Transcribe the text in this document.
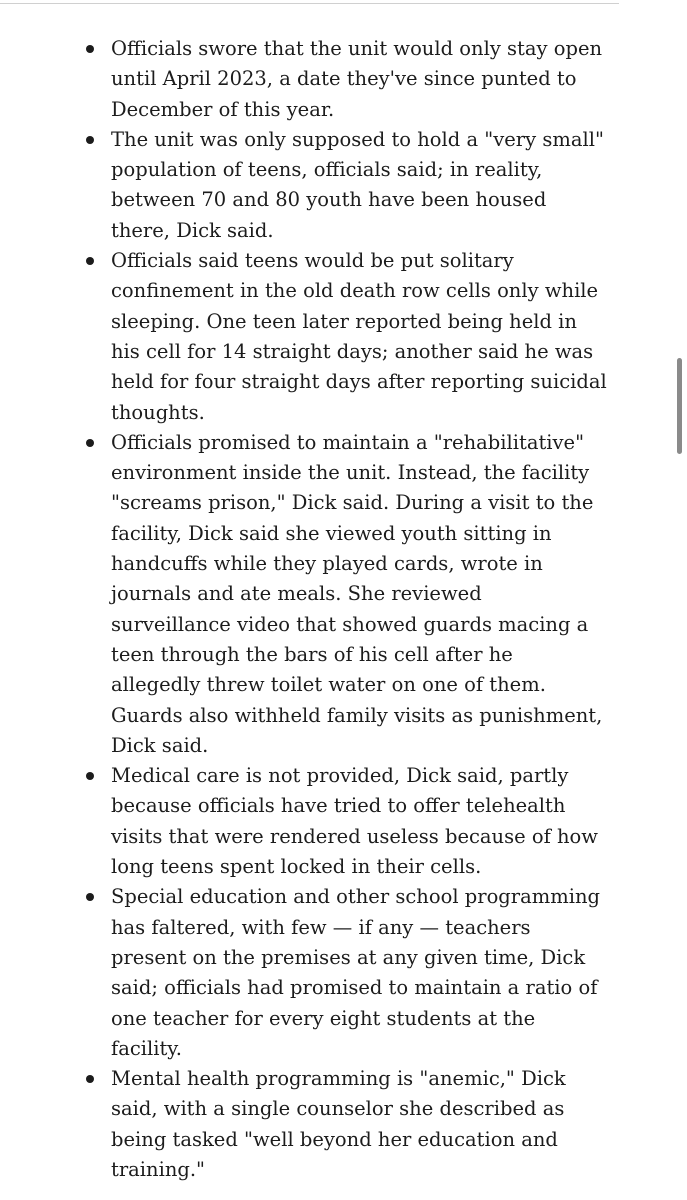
Officials swore that the unit would only stay open until April 2023, a date they've since punted to December of this year.
The unit was only supposed to hold a "very small" population of teens, officials said; in reality, between 70 and 80 youth have been housed there, Dick said.
Officials said teens would be put solitary confinement in the old death row cells only while sleeping. One teen later reported being held in his cell for 14 straight days; another said he was held for four straight days after reporting suicidal thoughts.
Officials promised to maintain a "rehabilitative" environment inside the unit. Instead, the facility "screams prison," Dick said. During a visit to the facility, Dick said she viewed youth sitting in handcuffs while they played cards, wrote in journals and ate meals. She reviewed surveillance video that showed guards macing a teen through the bars of his cell after he allegedly threw toilet water on one of them. Guards also withheld family visits as punishment, Dick said.
Medical care is not provided, Dick said, partly because officials have tried to offer telehealth visits that were rendered useless because of how long teens spent locked in their cells.
Special education and other school programming has faltered, with few — if any — teachers present on the premises at any given time, Dick said; officials had promised to maintain a ratio of one teacher for every eight students at the facility.
Mental health programming is "anemic," Dick said, with a single counselor she described as being tasked "well beyond her education and training."
